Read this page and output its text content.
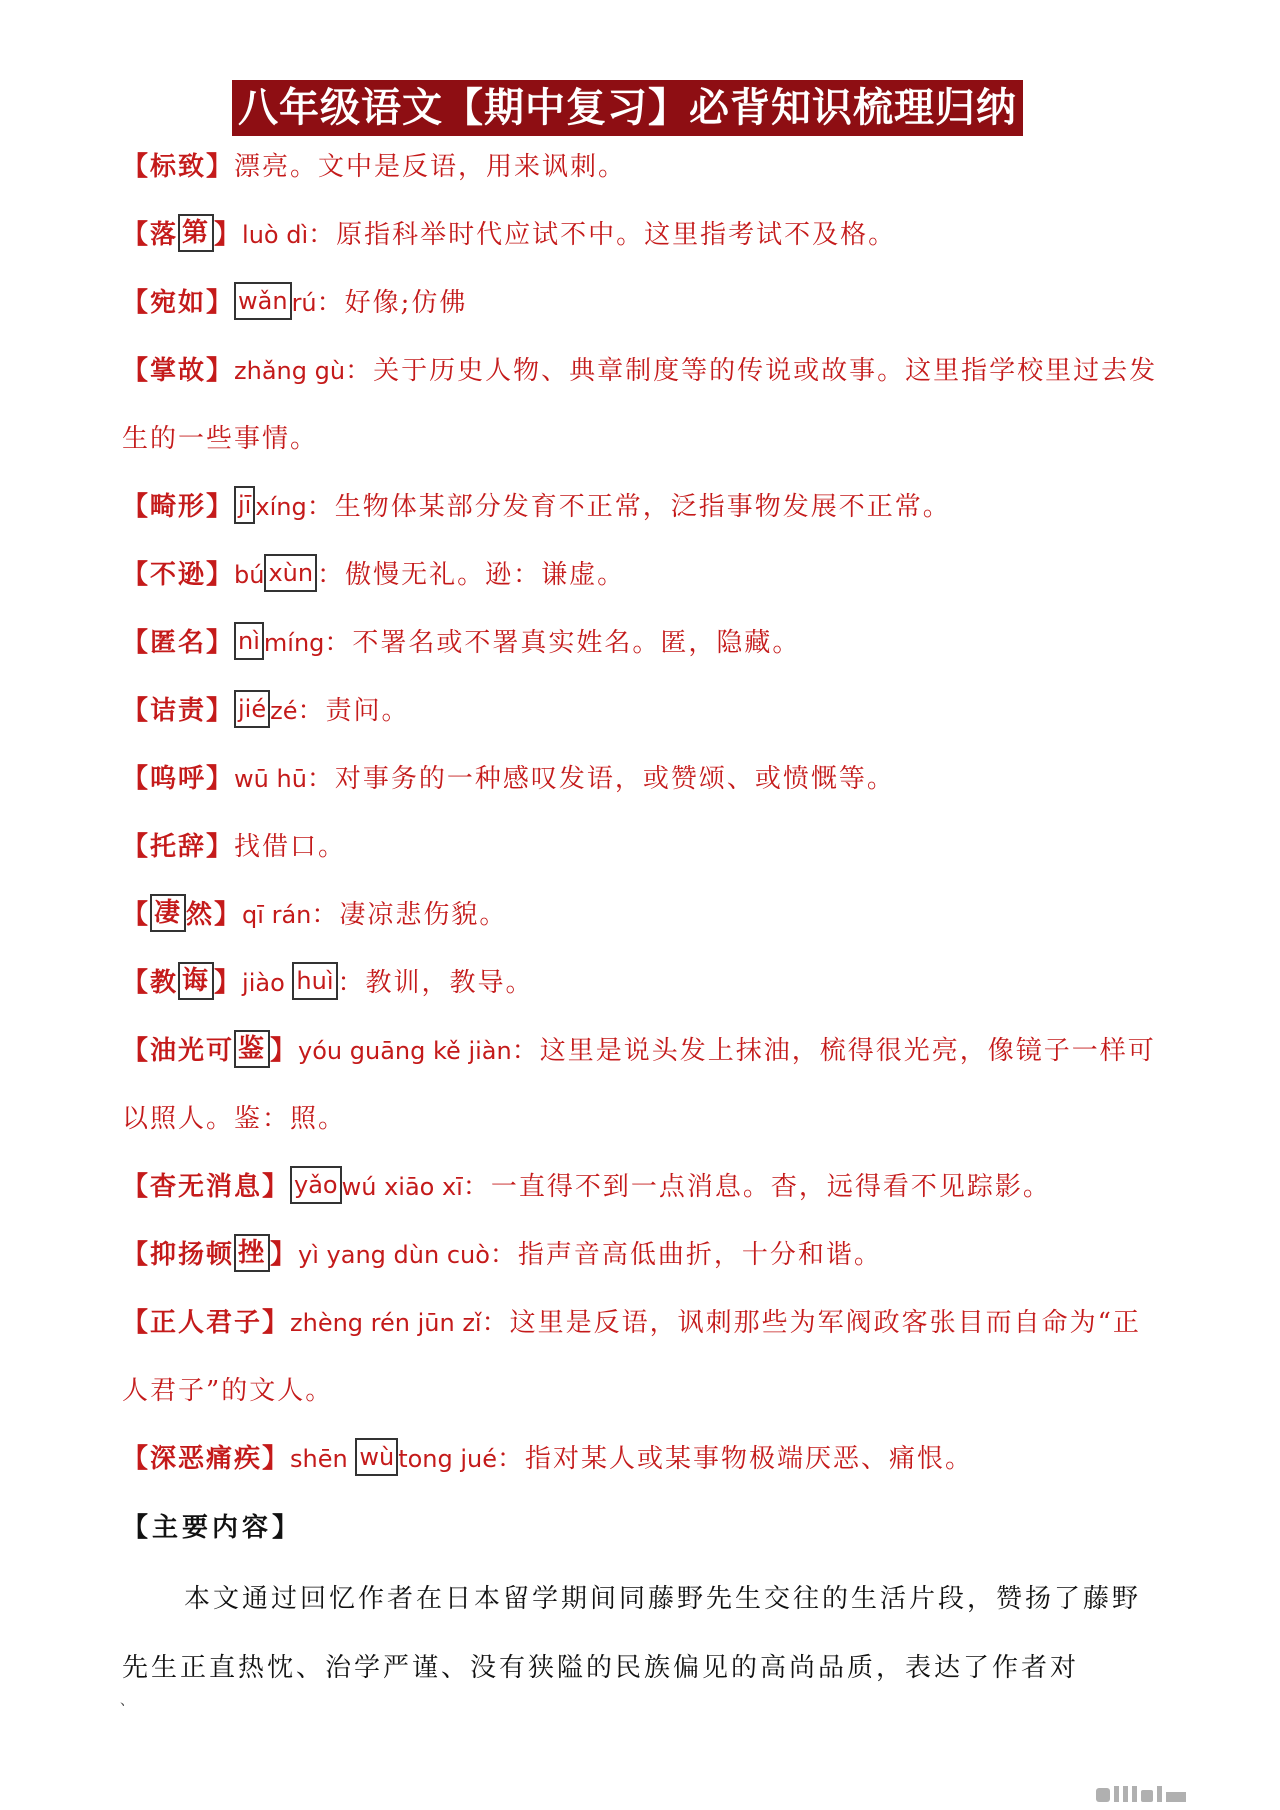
八年级语文【期中复习】必背知识梳理归纳
【标致】漂亮。文中是反语，用来讽刺。
【落 第 】luò dì：原指科举时代应试不中。这里指考试不及格。
【宛如】 wǎn rú：好像;仿佛
【掌故】zhǎng gù：关于历史人物、典章制度等的传说或故事。这里指学校里过去发生的一些事情。
【畸形】 jīxíng：生物体某部分发育不正常，泛指事物发展不正常。
【不逊】bú xùn ：傲慢无礼。逊：谦虚。
【匿名】 nì míng：不署名或不署真实姓名。匿，隐藏。
【诘责】 jié zé：责问。
【呜呼】wū hū：对事务的一种感叹发语，或赞颂、或愤慨等。
【托辞】找借口。
【 凄 然】qī rán：凄凉悲伤貌。
【教 诲 】jiào huì ：教训，教导。
【油光可 鉴 】yóu guāng kě jiàn：这里是说头发上抹油，梳得很光亮，像镜子一样可以照人。鉴：照。
【杳无消息】 yǎo wú xiāo xī：一直得不到一点消息。杳，远得看不见踪影。
【抑扬顿 挫 】yì yang dùn cuò：指声音高低曲折，十分和谐。
【正人君子】zhèng rén jūn zǐ：这里是反语，讽刺那些为军阀政客张目而自命为“正人君子”的文人。
【深恶痛疾】shēn wù tong jué：指对某人或某事物极端厌恶、痛恨。
【主要内容】
本文通过回忆作者在日本留学期间同藤野先生交往的生活片段，赞扬了藤野先生正直热忱、治学严谨、没有狭隘的民族偏见的高尚品质，表达了作者对
、
